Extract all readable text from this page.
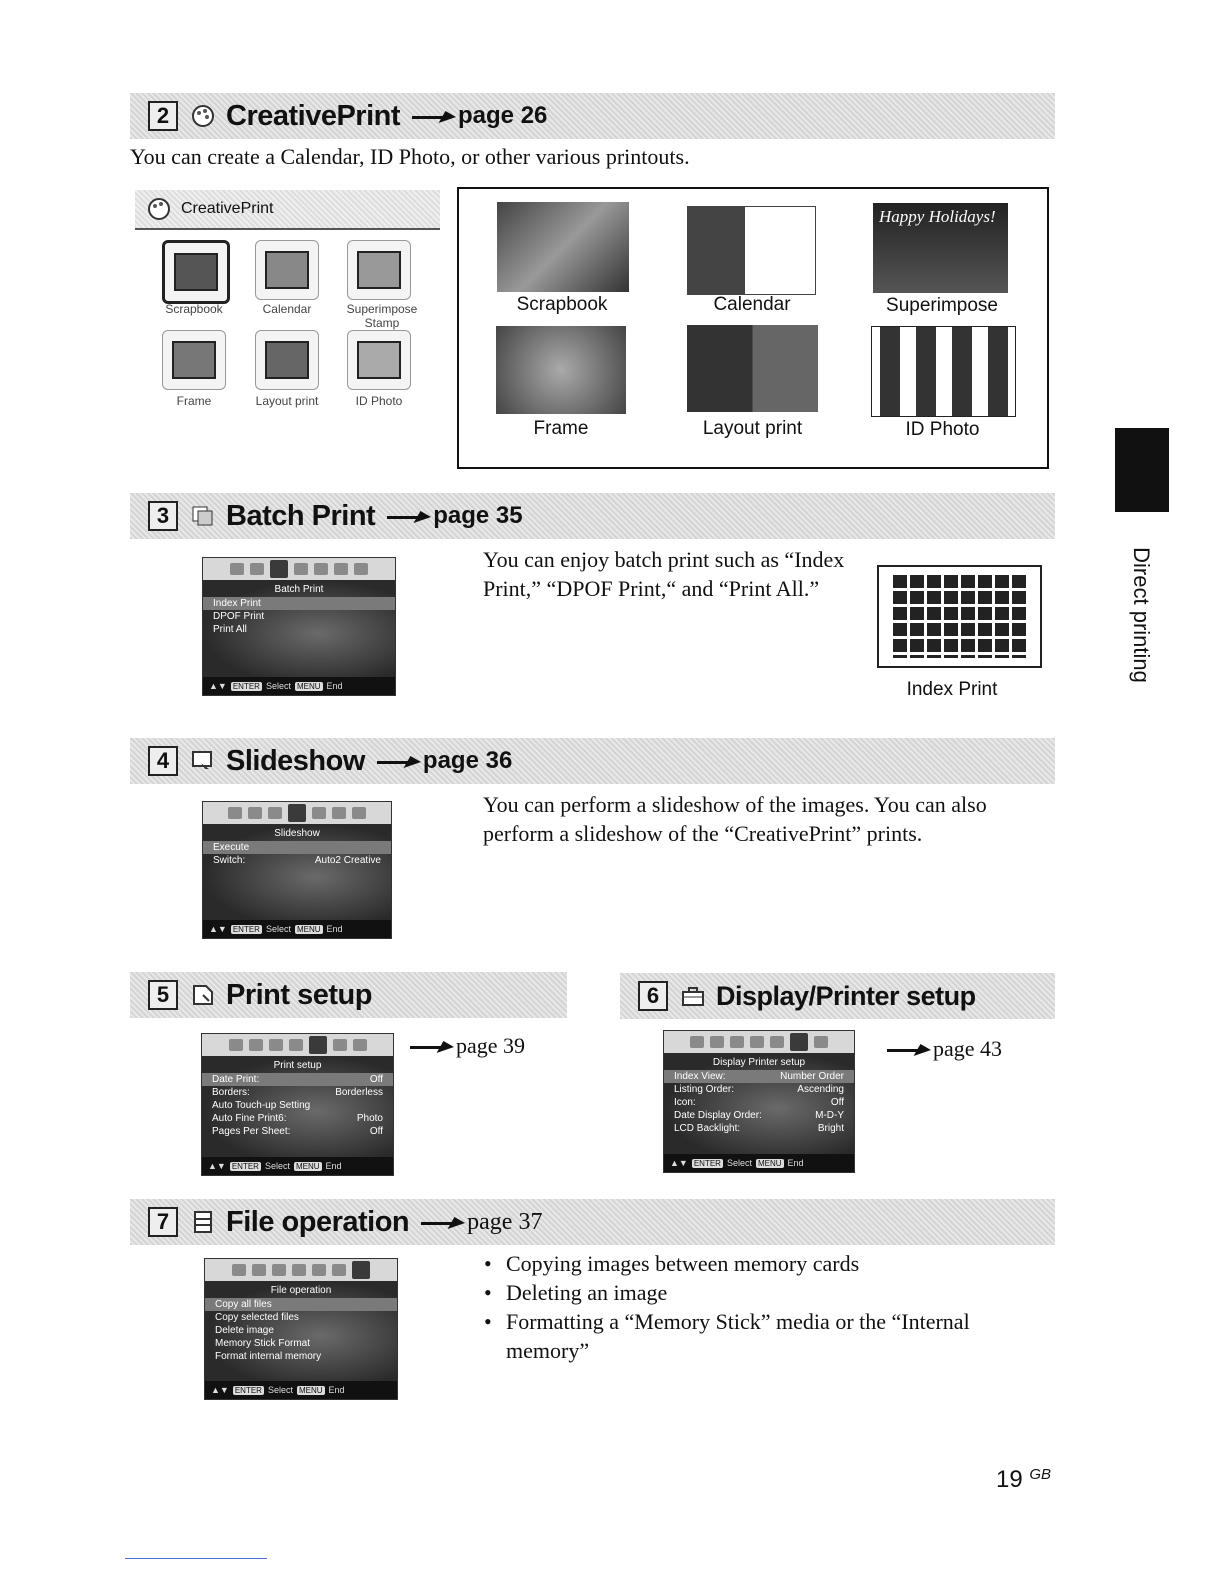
2	CreativePrint page 26
You can create a Calendar, ID Photo, or other various printouts.
CreativePrint
Scrapbook	Calendar	Superimpose Stamp
Frame	Layout print	ID Photo
Happy Holidays!
Scrapbook	Calendar	Superimpose
Frame	Layout print	ID Photo
3	Batch Print page 35
Batch Print
Index Print
DPOF Print
Print All
▲▼ ENTER Select MENU End
You can enjoy batch print such as “Index Print,” “DPOF Print,“ and “Print All.”
Index Print
Direct printing
4	Slideshow page 36
Slideshow
Execute
Switch:	Auto2 Creative
▲▼ ENTER Select MENU End
You can perform a slideshow of the images. You can also perform a slideshow of the “CreativePrint” prints.
5	Print setup
Print setup
Date Print:	Off
Borders:	Borderless
Auto Touch-up Setting
Auto Fine Print6:	Photo
Pages Per Sheet:	Off
▲▼ ENTER Select MENU End
page 39
6	Display/Printer setup
Display Printer setup
Index View:	Number Order
Listing Order:	Ascending
Icon:	Off
Date Display Order:	M-D-Y
LCD Backlight:	Bright
▲▼ ENTER Select MENU End
page 43
7	File operation page 37
File operation
Copy all files
Copy selected files
Delete image
Memory Stick Format
Format internal memory
▲▼ ENTER Select MENU End
• Copying images between memory cards
• Deleting an image
• Formatting a “Memory Stick” media or the “Internal memory”
19 $^{GB}$
